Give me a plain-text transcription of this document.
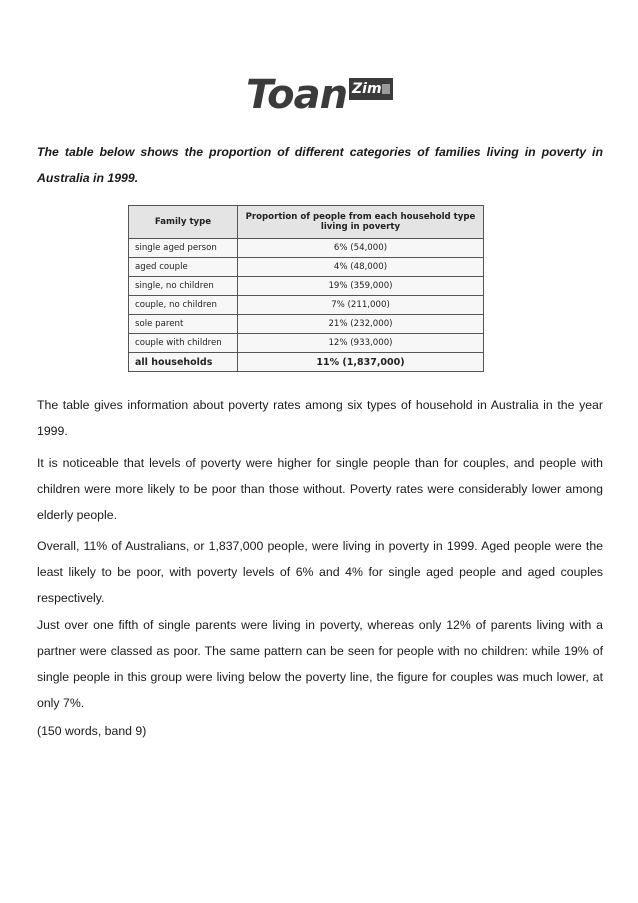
Toan Zim

The table below shows the proportion of different categories of families living in poverty in Australia in 1999.

Family type	Proportion of people from each household type living in poverty
single aged person	6% (54,000)
aged couple	4% (48,000)
single, no children	19% (359,000)
couple, no children	7% (211,000)
sole parent	21% (232,000)
couple with children	12% (933,000)
all households	11% (1,837,000)

The table gives information about poverty rates among six types of household in Australia in the year 1999.

It is noticeable that levels of poverty were higher for single people than for couples, and people with children were more likely to be poor than those without. Poverty rates were considerably lower among elderly people.

Overall, 11% of Australians, or 1,837,000 people, were living in poverty in 1999. Aged people were the least likely to be poor, with poverty levels of 6% and 4% for single aged people and aged couples respectively.

Just over one fifth of single parents were living in poverty, whereas only 12% of parents living with a partner were classed as poor. The same pattern can be seen for people with no children: while 19% of single people in this group were living below the poverty line, the figure for couples was much lower, at only 7%.

(150 words, band 9)
